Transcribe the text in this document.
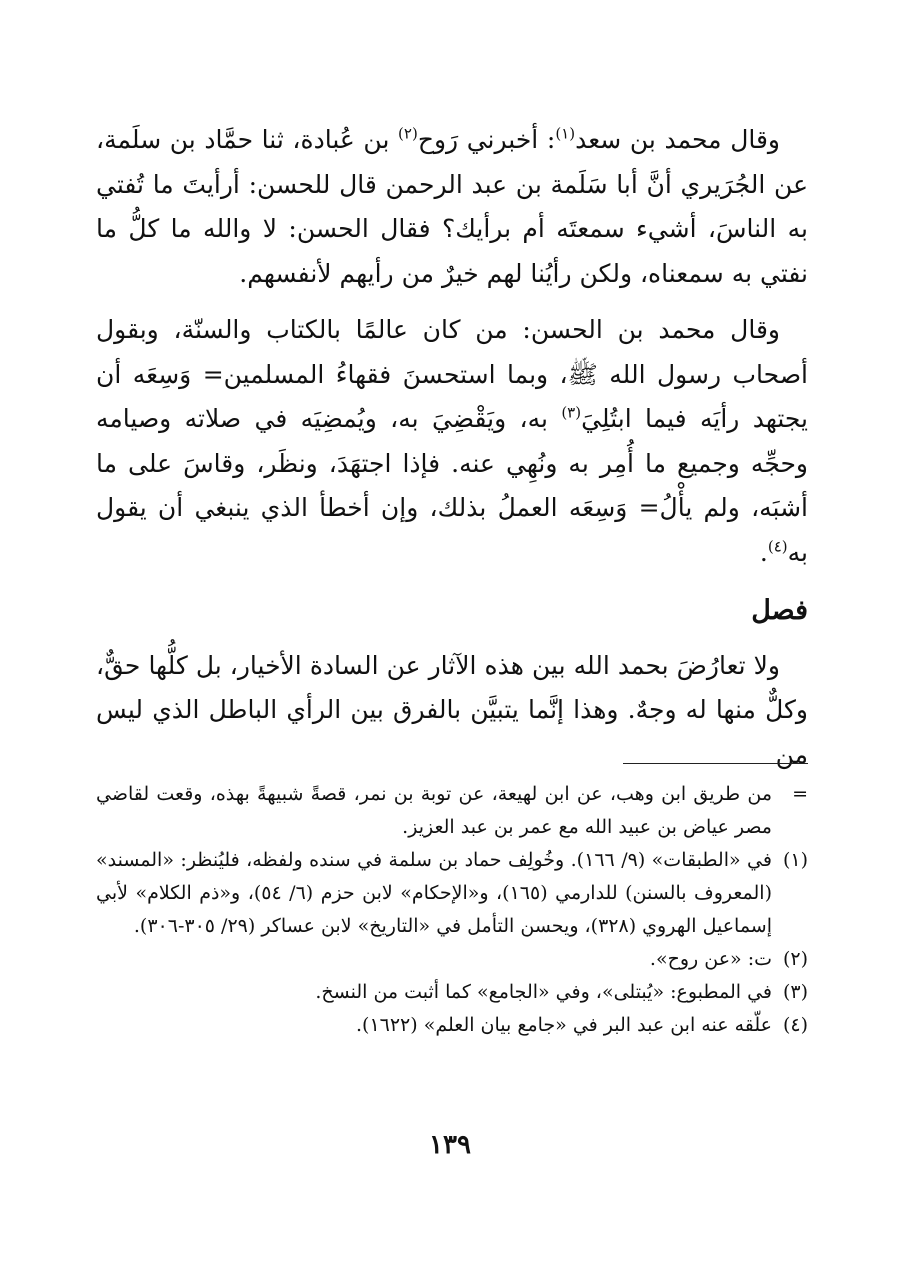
وقال محمد بن سعد$^{(١)}$: أخبرني رَوح$^{(٢)}$ بن عُبادة، ثنا حمَّاد بن سلَمة، عن الجُرَيري أنَّ أبا سَلَمة بن عبد الرحمن قال للحسن: أرأيتَ ما تُفتي به الناسَ، أشيء سمعتَه أم برأيك؟ فقال الحسن: لا والله ما كلُّ ما نفتي به سمعناه، ولكن رأيُنا لهم خيرٌ من رأيهم لأنفسهم.

وقال محمد بن الحسن: من كان عالمًا بالكتاب والسنّة، وبقول أصحاب رسول الله ﷺ، وبما استحسنَ فقهاءُ المسلمين= وَسِعَه أن يجتهد رأيَه فيما ابتُلِيَ$^{(٣)}$ به، ويَقْضِيَ به، ويُمضِيَه في صلاته وصيامه وحجِّه وجميع ما أُمِر به ونُهِي عنه. فإذا اجتهَدَ، ونظَر، وقاسَ على ما أشبَه، ولم يأْلُ= وَسِعَه العملُ بذلك، وإن أخطأ الذي ينبغي أن يقول به$^{(٤)}$.

فصل

ولا تعارُضَ بحمد الله بين هذه الآثار عن السادة الأخيار، بل كلُّها حقٌّ، وكلٌّ منها له وجهٌ. وهذا إنَّما يتبيَّن بالفرق بين الرأي الباطل الذي ليس من

=
من طريق ابن وهب، عن ابن لهيعة، عن توبة بن نمر، قصةً شبيهةً بهذه، وقعت لقاضي مصر عياض بن عبيد الله مع عمر بن عبد العزيز.
(١)
في «الطبقات» (٩/ ١٦٦). وخُولِف حماد بن سلمة في سنده ولفظه، فليُنظر: «المسند» (المعروف بالسنن) للدارمي (١٦٥)، و«الإحكام» لابن حزم (٦/ ٥٤)، و«ذم الكلام» لأبي إسماعيل الهروي (٣٢٨)، ويحسن التأمل في «التاريخ» لابن عساكر (٢٩/ ٣٠٥-٣٠٦).
(٢)
ت: «عن روح».
(٣)
في المطبوع: «يُبتلى»، وفي «الجامع» كما أثبت من النسخ.
(٤)
علّقه عنه ابن عبد البر في «جامع بيان العلم» (١٦٢٢).
١٣٩
